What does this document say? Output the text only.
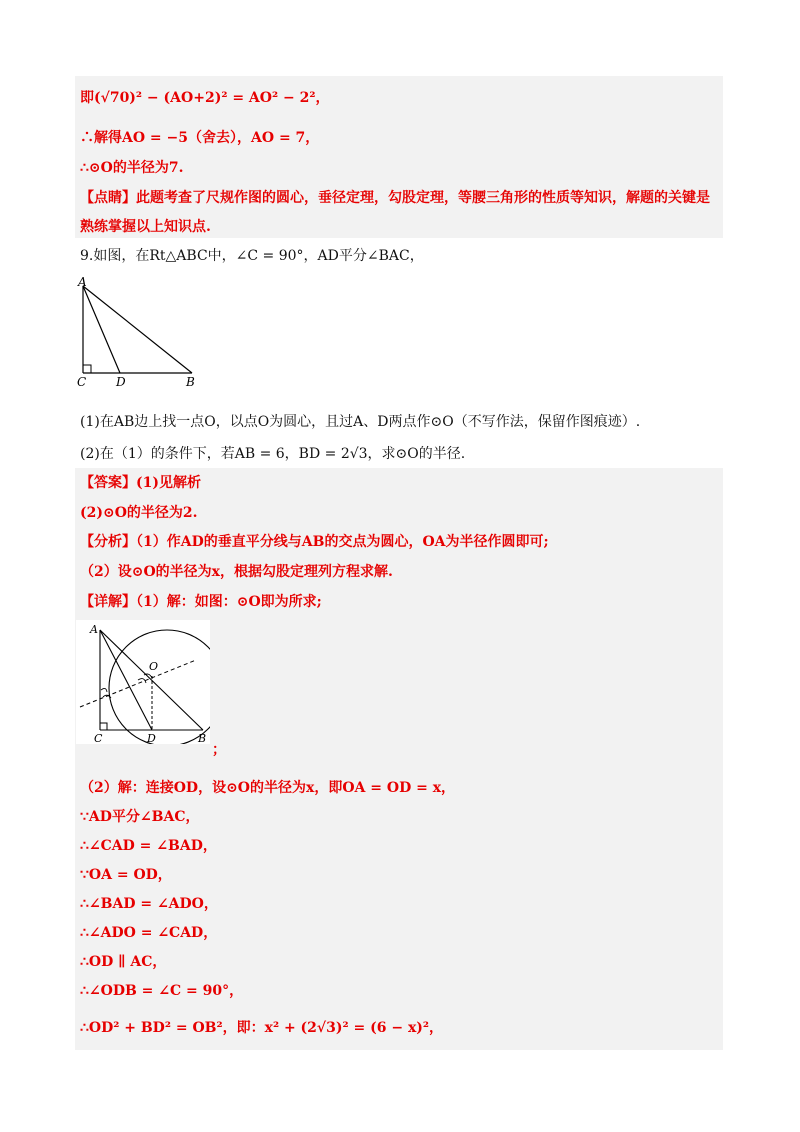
即(√70)² − (AO+2)² = AO² − 2²，
∴解得AO = −5（舍去），AO = 7，
∴⊙O的半径为7.
【点睛】此题考查了尺规作图的圆心，垂径定理，勾股定理，等腰三角形的性质等知识，解题的关键是
熟练掌握以上知识点.
9.如图，在Rt△ABC中，∠C = 90°，AD平分∠BAC，
A
C D	B
(1)在AB边上找一点O，以点O为圆心，且过A、D两点作⊙O（不写作法，保留作图痕迹）.
(2)在（1）的条件下，若AB = 6，BD = 2√3，求⊙O的半径.
【答案】(1)见解析
(2)⊙O的半径为2.
【分析】（1）作AD的垂直平分线与AB的交点为圆心，OA为半径作圆即可;
（2）设⊙O的半径为x，根据勾股定理列方程求解.
【详解】（1）解：如图：⊙O即为所求;
A
O
C	D	B
；
（2）解：连接OD，设⊙O的半径为x，即OA = OD = x，
∵AD平分∠BAC，
∴∠CAD = ∠BAD，
∵OA = OD，
∴∠BAD = ∠ADO，
∴∠ADO = ∠CAD，
∴OD ∥ AC，
∴∠ODB = ∠C = 90°，
∴OD² + BD² = OB²，即：x² + (2√3)² = (6 − x)²，
